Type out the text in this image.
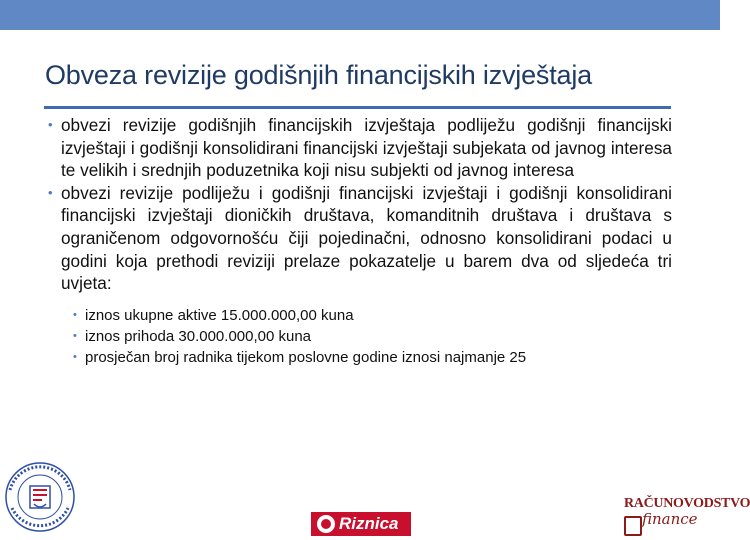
Obveza revizije godišnjih financijskih izvještaja
• obvezi revizije godišnjih financijskih izvještaja podliježu godišnji financijski izvještaji i godišnji konsolidirani financijski izvještaji subjekata od javnog interesa te velikih i srednjih poduzetnika koji nisu subjekti od javnog interesa
• obvezi revizije podliježu i godišnji financijski izvještaji i godišnji konsolidirani financijski izvještaji dioničkih društava, komanditnih društava i društava s ograničenom odgovornošću čiji pojedinačni, odnosno konsolidirani podaci u godini koja prethodi reviziji prelaze pokazatelje u barem dva od sljedeća tri uvjeta:
• iznos ukupne aktive 15.000.000,00 kuna
• iznos prihoda 30.000.000,00 kuna
• prosječan broj radnika tijekom poslovne godine iznosi najmanje 25
Riznica
RAČUNOVODSTVO
finance
